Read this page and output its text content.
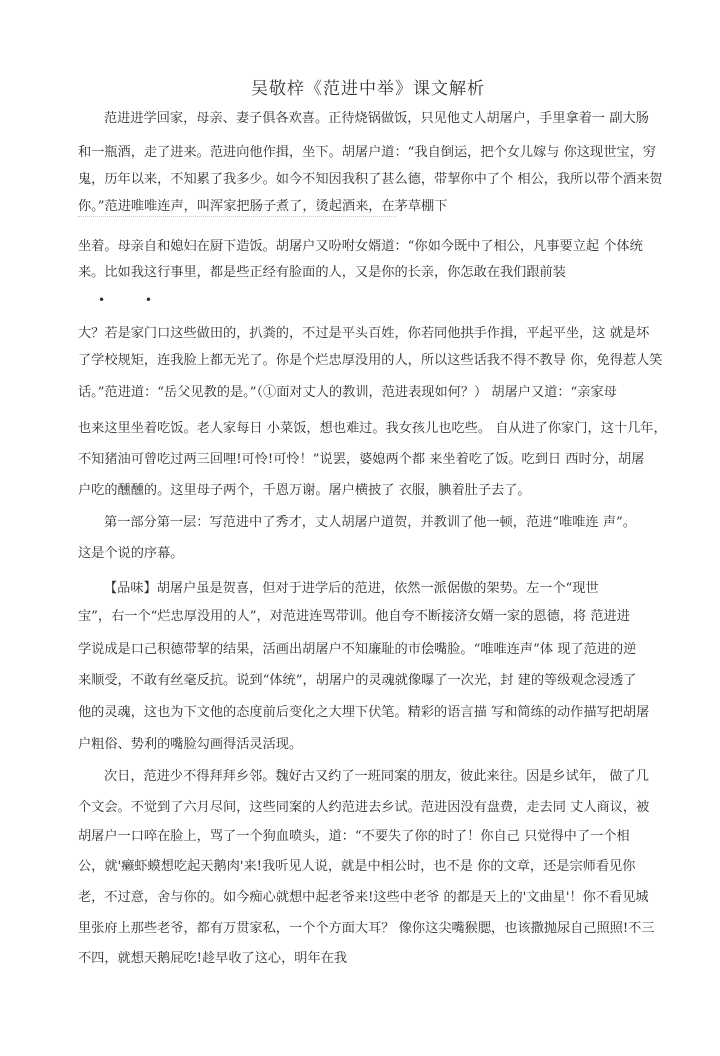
吴敬梓《范进中举》课文解析
范进进学回家，母亲、妻子俱各欢喜。正待烧锅做饭，只见他丈人胡屠户，手里拿着一 副大肠
和一瓶酒，走了进来。范进向他作揖，坐下。胡屠户道：“我自倒运，把个女儿嫁与 你这现世宝，穷
鬼，历年以来，不知累了我多少。如今不知因我积了甚么德，带挈你中了个 相公，我所以带个酒来贺
你。”范进唯唯连声，叫浑家把肠子煮了，烫起酒来，在茅草棚下
坐着。母亲自和媳妇在厨下造饭。胡屠户又吩咐女婿道：“你如今既中了相公，凡事要立起 个体统
来。比如我这行事里，都是些正经有脸面的人，又是你的长亲，你怎敢在我们跟前装
• •
大？若是家门口这些做田的，扒粪的，不过是平头百姓，你若同他拱手作揖，平起平坐，这 就是坏
了学校规矩，连我脸上都无光了。你是个烂忠厚没用的人，所以这些话我不得不教导 你，免得惹人笑
话。”范进道：“岳父见教的是。”（①面对丈人的教训，范进表现如何？） 胡屠户又道：“亲家母
也来这里坐着吃饭。老人家每日 小菜饭，想也难过。我女孩儿也吃些。 自从进了你家门，这十几年，
不知猪油可曾吃过两三回哩!可怜!可怜！”说罢，婆媳两个都 来坐着吃了饭。吃到日 西时分，胡屠
户吃的醺醺的。这里母子两个，千恩万谢。屠户横披了 衣服，腆着肚子去了。
第一部分第一层：写范进中了秀才，丈人胡屠户道贺，并教训了他一顿，范进“唯唯连 声”。
这是个说的序幕。
【品味】胡屠户虽是贺喜，但对于进学后的范进，依然一派倨傲的架势。左一个“现世
宝”，右一个“烂忠厚没用的人”，对范进连骂带训。他自夸不断接济女婿一家的恩德，将 范进进
学说成是口己积德带挈的结果，活画出胡屠户不知廉耻的市侩嘴脸。“唯唯连声”体 现了范进的逆
来顺受，不敢有丝毫反抗。说到“体统”，胡屠户的灵魂就像曝了一次光，封 建的等级观念浸透了
他的灵魂，这也为下文他的态度前后变化之大埋下伏笔。精彩的语言描 写和简练的动作描写把胡屠
户粗俗、势利的嘴脸勾画得活灵活现。
次日，范进少不得拜拜乡邻。魏好古又约了一班同案的朋友，彼此来往。因是乡试年， 做了几
个文会。不觉到了六月尽间，这些同案的人约范进去乡试。范进因没有盘费，走去同 丈人商议，被
胡屠户一口啐在脸上，骂了一个狗血喷头，道：“不要失了你的时了！你自己 只觉得中了一个相
公，就'癞虾蟆想吃起天鹅肉'来!我听见人说，就是中相公时，也不是 你的文章，还是宗师看见你
老，不过意，舍与你的。如今痴心就想中起老爷来!这些中老爷 的都是天上的'文曲星'！你不看见城
里张府上那些老爷，都有万贯家私，一个个方面大耳？ 像你这尖嘴猴腮，也该撒抛尿自己照照!不三
不四，就想天鹅屁吃!趁早收了这心，明年在我
